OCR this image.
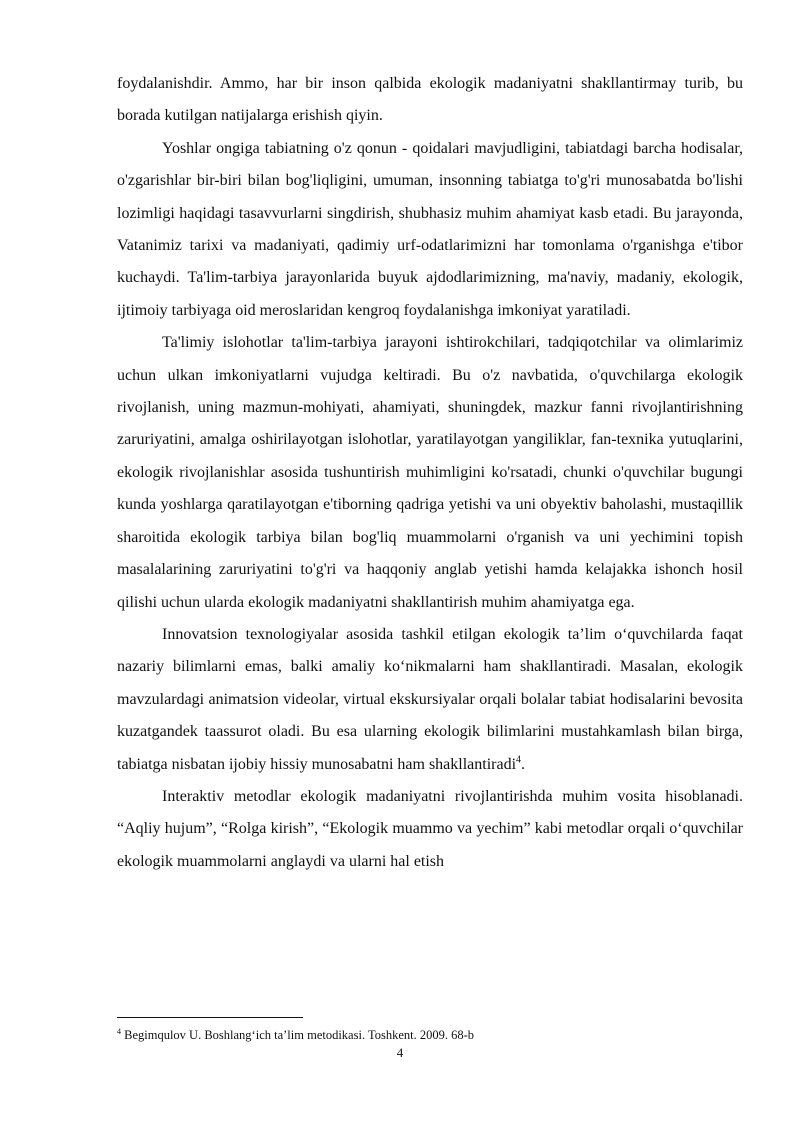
foydalanishdir. Ammo, har bir inson qalbida ekologik madaniyatni shakllantirmay turib, bu borada kutilgan natijalarga erishish qiyin.

Yoshlar ongiga tabiatning o'z qonun - qoidalari mavjudligini, tabiatdagi barcha hodisalar, o'zgarishlar bir-biri bilan bog'liqligini, umuman, insonning tabiatga to'g'ri munosabatda bo'lishi lozimligi haqidagi tasavvurlarni singdirish, shubhasiz muhim ahamiyat kasb etadi. Bu jarayonda, Vatanimiz tarixi va madaniyati, qadimiy urf-odatlarimizni har tomonlama o'rganishga e'tibor kuchaydi. Ta'lim-tarbiya jarayonlarida buyuk ajdodlarimizning, ma'naviy, madaniy, ekologik, ijtimoiy tarbiyaga oid meroslaridan kengroq foydalanishga imkoniyat yaratiladi.

Ta'limiy islohotlar ta'lim-tarbiya jarayoni ishtirokchilari, tadqiqotchilar va olimlarimiz uchun ulkan imkoniyatlarni vujudga keltiradi. Bu o'z navbatida, o'quvchilarga ekologik rivojlanish, uning mazmun-mohiyati, ahamiyati, shuningdek, mazkur fanni rivojlantirishning zaruriyatini, amalga oshirilayotgan islohotlar, yaratilayotgan yangiliklar, fan-texnika yutuqlarini, ekologik rivojlanishlar asosida tushuntirish muhimligini ko'rsatadi, chunki o'quvchilar bugungi kunda yoshlarga qaratilayotgan e'tiborning qadriga yetishi va uni obyektiv baholashi, mustaqillik sharoitida ekologik tarbiya bilan bog'liq muammolarni o'rganish va uni yechimini topish masalalarining zaruriyatini to'g'ri va haqqoniy anglab yetishi hamda kelajakka ishonch hosil qilishi uchun ularda ekologik madaniyatni shakllantirish muhim ahamiyatga ega.

Innovatsion texnologiyalar asosida tashkil etilgan ekologik ta’lim o‘quvchilarda faqat nazariy bilimlarni emas, balki amaliy ko‘nikmalarni ham shakllantiradi. Masalan, ekologik mavzulardagi animatsion videolar, virtual ekskursiyalar orqali bolalar tabiat hodisalarini bevosita kuzatgandek taassurot oladi. Bu esa ularning ekologik bilimlarini mustahkamlash bilan birga, tabiatga nisbatan ijobiy hissiy munosabatni ham shakllantiradi$^4$.

Interaktiv metodlar ekologik madaniyatni rivojlantirishda muhim vosita hisoblanadi. “Aqliy hujum”, “Rolga kirish”, “Ekologik muammo va yechim” kabi metodlar orqali o‘quvchilar ekologik muammolarni anglaydi va ularni hal etish

$^4$ Begimqulov U. Boshlang‘ich ta’lim metodikasi. Toshkent. 2009. 68-b
4
